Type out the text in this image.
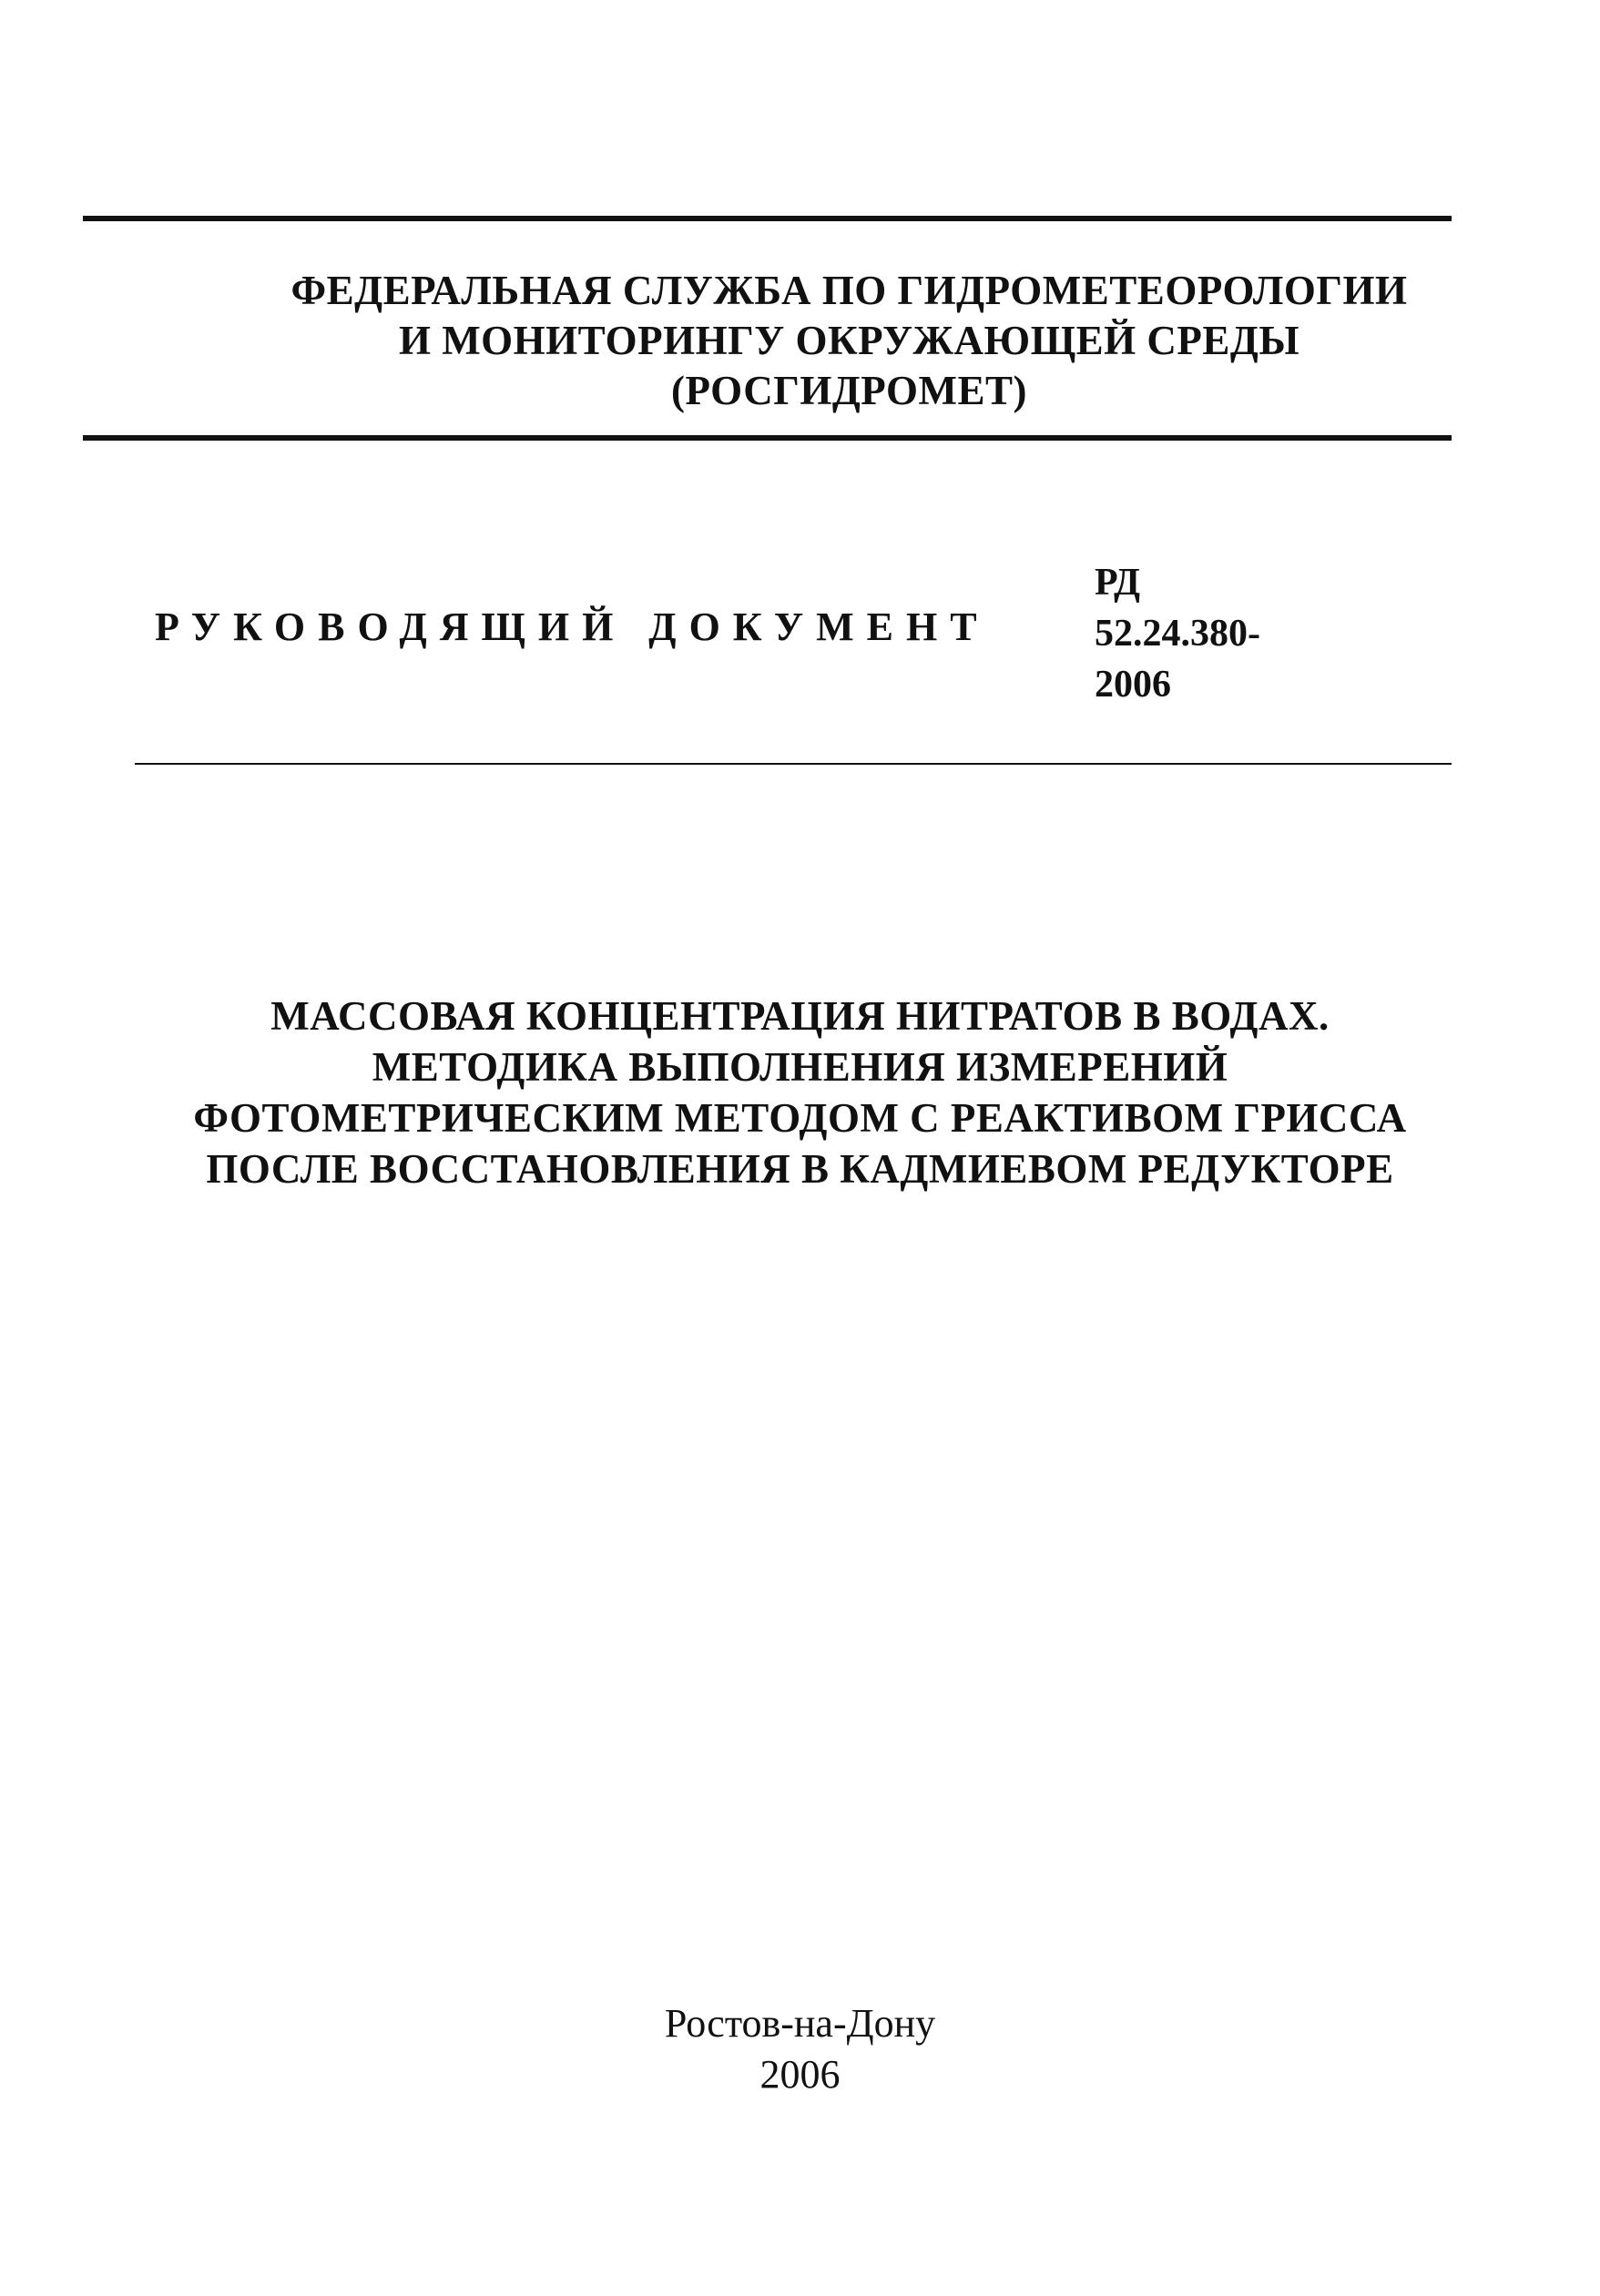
ФЕДЕРАЛЬНАЯ СЛУЖБА ПО ГИДРОМЕТЕОРОЛОГИИ
И МОНИТОРИНГУ ОКРУЖАЮЩЕЙ СРЕДЫ
(РОСГИДРОМЕТ)
РУКОВОДЯЩИЙ ДОКУМЕНТ
РД
52.24.380-
2006
МАССОВАЯ КОНЦЕНТРАЦИЯ НИТРАТОВ В ВОДАХ.
МЕТОДИКА ВЫПОЛНЕНИЯ ИЗМЕРЕНИЙ
ФОТОМЕТРИЧЕСКИМ МЕТОДОМ С РЕАКТИВОМ ГРИССА
ПОСЛЕ ВОССТАНОВЛЕНИЯ В КАДМИЕВОМ РЕДУКТОРЕ
Ростов-на-Дону
2006
